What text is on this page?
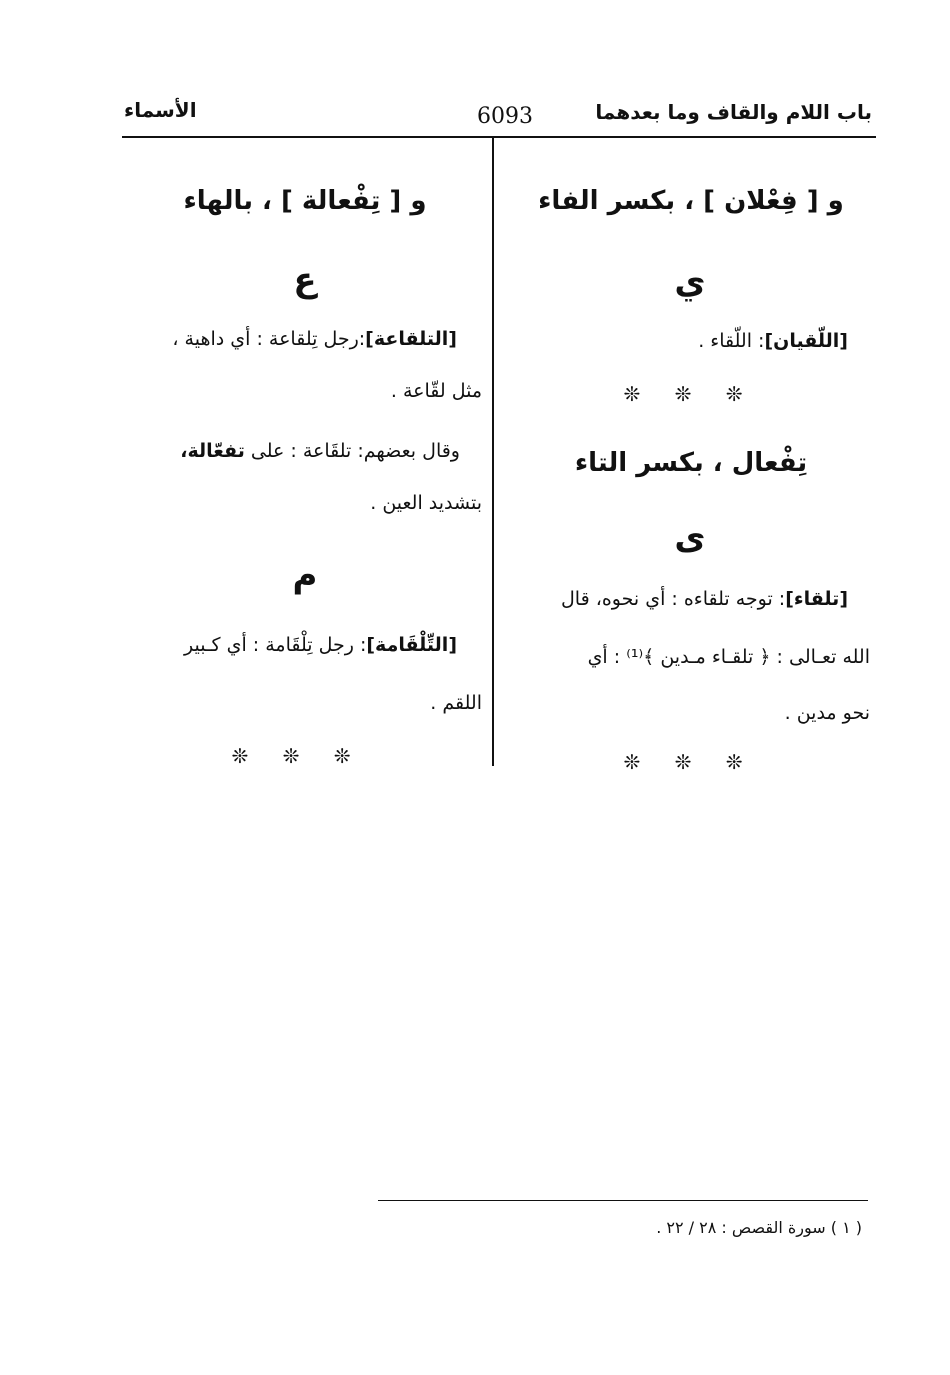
باب اللام والقاف وما بعدهما
6093
الأسماء
و [ فِعْلان ] ، بكسر الفاء
ي
[اللّقيان]: اللّقاء .
❊ ❊ ❊
تِفْعال ، بكسر التاء
ى
[تلقاء]: توجه تلقاءه : أي نحوه، قال
الله تعـالى : ﴿ تلقـاء مـدين ﴾⁽¹⁾ : أي
نحو مدين .
❊ ❊ ❊
و [ تِفْعالة ] ، بالهاء
ع
[التلقاعة]:رجل تِلقاعة : أي داهية ،
مثل لقّاعة .
وقال بعضهم: تلقَاعة : على تفعّالة،
بتشديد العين .
م
[التِّلْقَامة]: رجل تِلْقَامة : أي كـبير
اللقم .
❊ ❊ ❊
( ١ ) سورة القصص : ٢٨ / ٢٢ .
